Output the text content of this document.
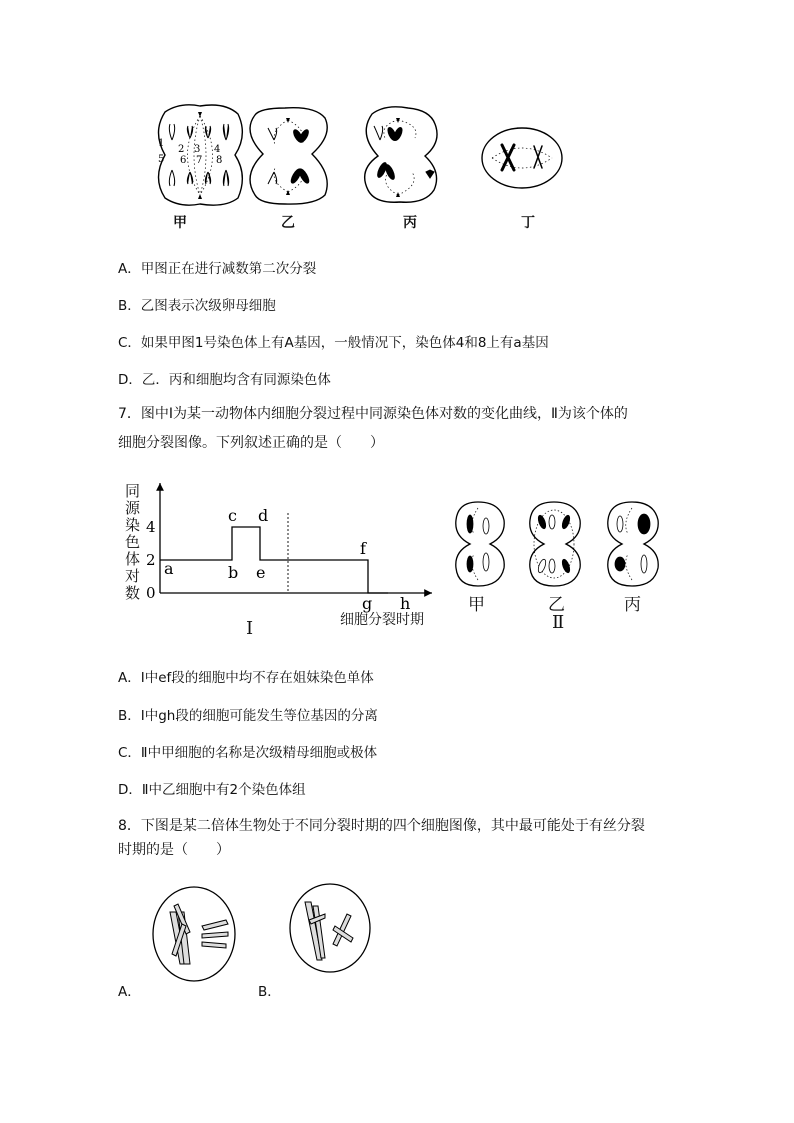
1
2 3 4
5 6 7 8
甲	乙	丙	丁
A．甲图正在进行减数第二次分裂
B．乙图表示次级卵母细胞
C．如果甲图1号染色体上有A基因，一般情况下，染色体4和8上有a基因
D．乙．丙和细胞均含有同源染色体
7．图中Ⅰ为某一动物体内细胞分裂过程中同源染色体对数的变化曲线，Ⅱ为该个体的
细胞分裂图像。下列叙述正确的是（　　）
同
源
染
色
体
对
数
4
2
0
a	b
c d
e
f
g h
细胞分裂时期
Ⅰ
甲	乙	丙
Ⅱ
A．Ⅰ中ef段的细胞中均不存在姐妹染色单体
B．Ⅰ中gh段的细胞可能发生等位基因的分离
C．Ⅱ中甲细胞的名称是次级精母细胞或极体
D．Ⅱ中乙细胞中有2个染色体组
8．下图是某二倍体生物处于不同分裂时期的四个细胞图像，其中最可能处于有丝分裂
时期的是（　　）
A．	B．
